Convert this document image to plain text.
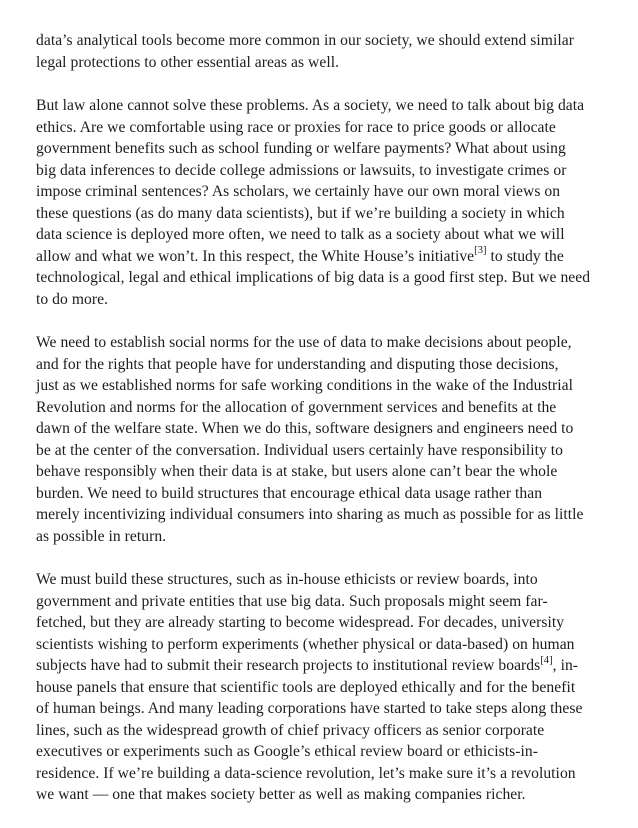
data’s analytical tools become more common in our society, we should extend similar
legal protections to other essential areas as well.

But law alone cannot solve these problems. As a society, we need to talk about big data
ethics. Are we comfortable using race or proxies for race to price goods or allocate
government benefits such as school funding or welfare payments? What about using
big data inferences to decide college admissions or lawsuits, to investigate crimes or
impose criminal sentences? As scholars, we certainly have our own moral views on
these questions (as do many data scientists), but if we’re building a society in which
data science is deployed more often, we need to talk as a society about what we will
allow and what we won’t. In this respect, the White House’s initiative[3] to study the
technological, legal and ethical implications of big data is a good first step. But we need
to do more.

We need to establish social norms for the use of data to make decisions about people,
and for the rights that people have for understanding and disputing those decisions,
just as we established norms for safe working conditions in the wake of the Industrial
Revolution and norms for the allocation of government services and benefits at the
dawn of the welfare state. When we do this, software designers and engineers need to
be at the center of the conversation. Individual users certainly have responsibility to
behave responsibly when their data is at stake, but users alone can’t bear the whole
burden. We need to build structures that encourage ethical data usage rather than
merely incentivizing individual consumers into sharing as much as possible for as little
as possible in return.

We must build these structures, such as in-house ethicists or review boards, into
government and private entities that use big data. Such proposals might seem far-
fetched, but they are already starting to become widespread. For decades, university
scientists wishing to perform experiments (whether physical or data-based) on human
subjects have had to submit their research projects to institutional review boards[4], in-
house panels that ensure that scientific tools are deployed ethically and for the benefit
of human beings. And many leading corporations have started to take steps along these
lines, such as the widespread growth of chief privacy officers as senior corporate
executives or experiments such as Google’s ethical review board or ethicists-in-
residence. If we’re building a data-science revolution, let’s make sure it’s a revolution
we want — one that makes society better as well as making companies richer.
